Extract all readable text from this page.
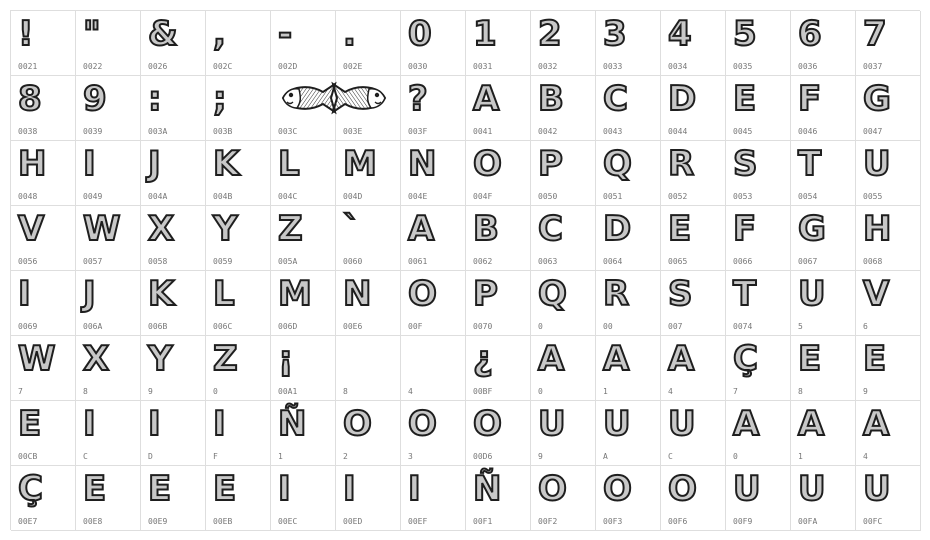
!
0021
"
0022
&
0026
,
002C
-
002D
.
002E
0
0030
1
0031
2
0032
3
0033
4
0034
5
0035
6
0036
7
0037
8
0038
9
0039
:
003A
;
003B	003C	003E
?
003F
A
0041
B
0042
C
0043
D
0044
E
0045
F
0046
G
0047
H
0048
I
0049
J
004A
K
004B
L
004C
M
004D
N
004E
O
004F
P
0050
Q
0051
R
0052
S
0053
T
0054
U
0055
V
0056
W
0057
X
0058
Y
0059
Z
005A
`
0060
A
0061
B
0062
C
0063
D
0064
E
0065
F
0066
G
0067
H
0068
I
0069
J
006A
K
006B
L
006C
M
006D
N
00E6
O
00F
P
0070
Q
0
R
00
S
007
T
0074
U
5
V
6
W
7
X
8
Y
9
Z
0
¡
00A1	8	4
¿
00BF
A
0
A
1
A
4
Ç
7
E
8
E
9
E
00CB
I
C
I
D
I
F
Ñ
1
O
2
O
3
O
00D6
U
9
U
A
U
C
A
0
A
1
A
4
Ç
00E7
E
00E8
E
00E9
E
00EB
I
00EC
I
00ED
I
00EF
Ñ
00F1
O
00F2
O
00F3
O
00F6
U
00F9
U
00FA
U
00FC
